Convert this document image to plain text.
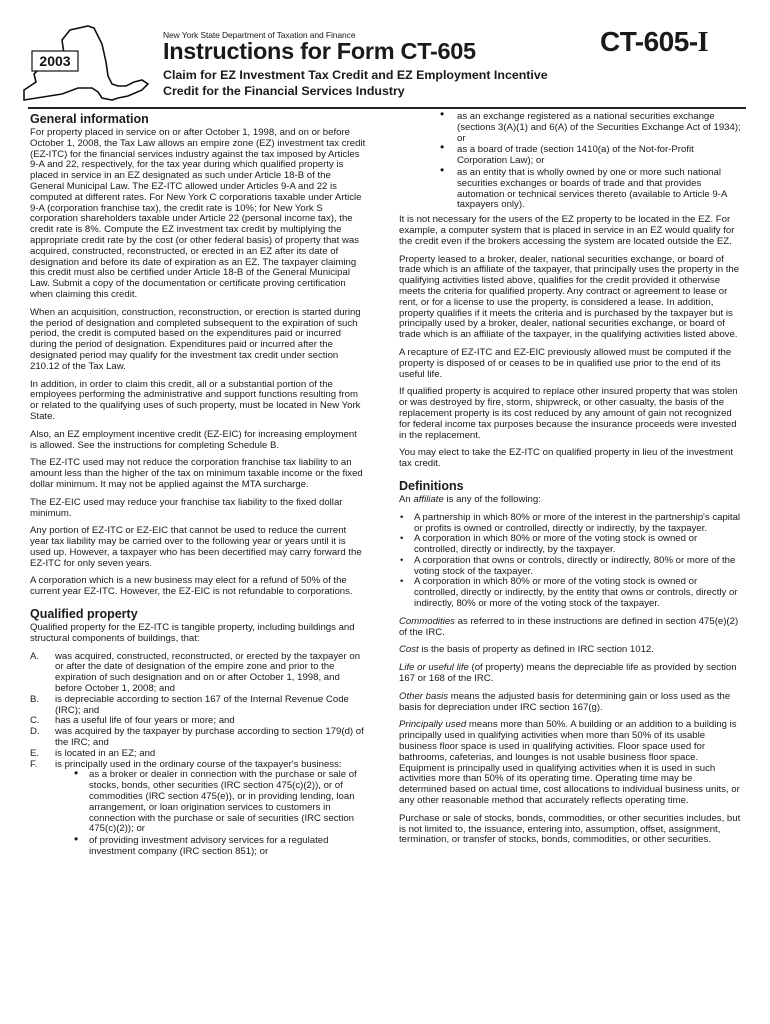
2003
New York State Department of Taxation and Finance
Instructions for Form CT-605	CT-605-I
Claim for EZ Investment Tax Credit and EZ Employment Incentive Credit for the Financial Services Industry
General information

For property placed in service on or after October 1, 1998, and on or before October 1, 2008, the Tax Law allows an empire zone (EZ) investment tax credit (EZ-ITC) for the financial services industry against the tax imposed by Articles 9-A and 22, respectively, for the tax year during which qualified property is placed in service in an EZ designated as such under Article 18-B of the General Municipal Law. The EZ-ITC allowed under Articles 9-A and 22 is computed at different rates. For New York C corporations taxable under Article 9-A (corporation franchise tax), the credit rate is 10%; for New York S corporation shareholders taxable under Article 22 (personal income tax), the credit rate is 8%. Compute the EZ investment tax credit by multiplying the appropriate credit rate by the cost (or other federal basis) of property that was acquired, constructed, reconstructed, or erected in an EZ after its date of designation and before its date of expiration as an EZ. The taxpayer claiming this credit must also be certified under Article 18-B of the General Municipal Law. Submit a copy of the documentation or certificate proving certification when claiming this credit.

When an acquisition, construction, reconstruction, or erection is started during the period of designation and completed subsequent to the expiration of such period, the credit is computed based on the expenditures paid or incurred during the period of designation. Expenditures paid or incurred after the designated period may qualify for the investment tax credit under section 210.12 of the Tax Law.

In addition, in order to claim this credit, all or a substantial portion of the employees performing the administrative and support functions resulting from or related to the qualifying uses of such property, must be located in New York State.

Also, an EZ employment incentive credit (EZ-EIC) for increasing employment is allowed. See the instructions for completing Schedule B.

The EZ-ITC used may not reduce the corporation franchise tax liability to an amount less than the higher of the tax on minimum taxable income or the fixed dollar minimum. It may not be applied against the MTA surcharge.

The EZ-EIC used may reduce your franchise tax liability to the fixed dollar minimum.

Any portion of EZ-ITC or EZ-EIC that cannot be used to reduce the current year tax liability may be carried over to the following year or years until it is used up. However, a taxpayer who has been decertified may carry forward the EZ-ITC for only seven years.

A corporation which is a new business may elect for a refund of 50% of the current year EZ-ITC. However, the EZ-EIC is not refundable to corporations.

Qualified property

Qualified property for the EZ-ITC is tangible property, including buildings and structural components of buildings, that:

A. was acquired, constructed, reconstructed, or erected by the taxpayer on or after the date of designation of the empire zone and prior to the expiration of such designation and on or after October 1, 1998, and before October 1, 2008; and
B. is depreciable according to section 167 of the Internal Revenue Code (IRC); and
C. has a useful life of four years or more; and
D. was acquired by the taxpayer by purchase according to section 179(d) of the IRC; and
E. is located in an EZ; and
F. is principally used in the ordinary course of the taxpayer's business:
• as a broker or dealer in connection with the purchase or sale of stocks, bonds, other securities (IRC section 475(c)(2)), or of commodities (IRC section 475(e)), or in providing lending, loan arrangement, or loan origination services to customers in connection with the purchase or sale of securities (IRC section 475(c)(2)); or
• of providing investment advisory services for a regulated investment company (IRC section 851); or
• as an exchange registered as a national securities exchange (sections 3(A)(1) and 6(A) of the Securities Exchange Act of 1934); or
• as a board of trade (section 1410(a) of the Not-for-Profit Corporation Law); or
• as an entity that is wholly owned by one or more such national securities exchanges or boards of trade and that provides automation or technical services thereto (available to Article 9-A taxpayers only).

It is not necessary for the users of the EZ property to be located in the EZ. For example, a computer system that is placed in service in an EZ would qualify for the credit even if the brokers accessing the system are located outside the EZ.

Property leased to a broker, dealer, national securities exchange, or board of trade which is an affiliate of the taxpayer, that principally uses the property in the qualifying activities listed above, qualifies for the credit provided it otherwise meets the criteria for qualified property. Any contract or agreement to lease or rent, or for a license to use the property, is considered a lease. In addition, property qualifies if it meets the criteria and is purchased by the taxpayer but is principally used by a broker, dealer, national securities exchange, or board of trade which is an affiliate of the taxpayer, in the qualifying activities listed above.

A recapture of EZ-ITC and EZ-EIC previously allowed must be computed if the property is disposed of or ceases to be in qualified use prior to the end of its useful life.

If qualified property is acquired to replace other insured property that was stolen or was destroyed by fire, storm, shipwreck, or other casualty, the basis of the replacement property is its cost reduced by any amount of gain not recognized for federal income tax purposes because the insurance proceeds were invested in the replacement.

You may elect to take the EZ-ITC on qualified property in lieu of the investment tax credit.

Definitions

An affiliate is any of the following:

• A partnership in which 80% or more of the interest in the partnership's capital or profits is owned or controlled, directly or indirectly, by the taxpayer.
• A corporation in which 80% or more of the voting stock is owned or controlled, directly or indirectly, by the taxpayer.
• A corporation that owns or controls, directly or indirectly, 80% or more of the voting stock of the taxpayer.
• A corporation in which 80% or more of the voting stock is owned or controlled, directly or indirectly, by the entity that owns or controls, directly or indirectly, 80% or more of the voting stock of the taxpayer.

Commodities as referred to in these instructions are defined in section 475(e)(2) of the IRC.

Cost is the basis of property as defined in IRC section 1012.

Life or useful life (of property) means the depreciable life as provided by section 167 or 168 of the IRC.

Other basis means the adjusted basis for determining gain or loss used as the basis for depreciation under IRC section 167(g).

Principally used means more than 50%. A building or an addition to a building is principally used in qualifying activities when more than 50% of its usable business floor space is used in qualifying activities. Floor space used for bathrooms, cafeterias, and lounges is not usable business floor space. Equipment is principally used in qualifying activities when it is used in such activities more than 50% of its operating time. Operating time may be determined based on actual time, cost allocations to individual business units, or any other reasonable method that accurately reflects operating time.

Purchase or sale of stocks, bonds, commodities, or other securities includes, but is not limited to, the issuance, entering into, assumption, offset, assignment, termination, or transfer of stocks, bonds, commodities, or other securities.
